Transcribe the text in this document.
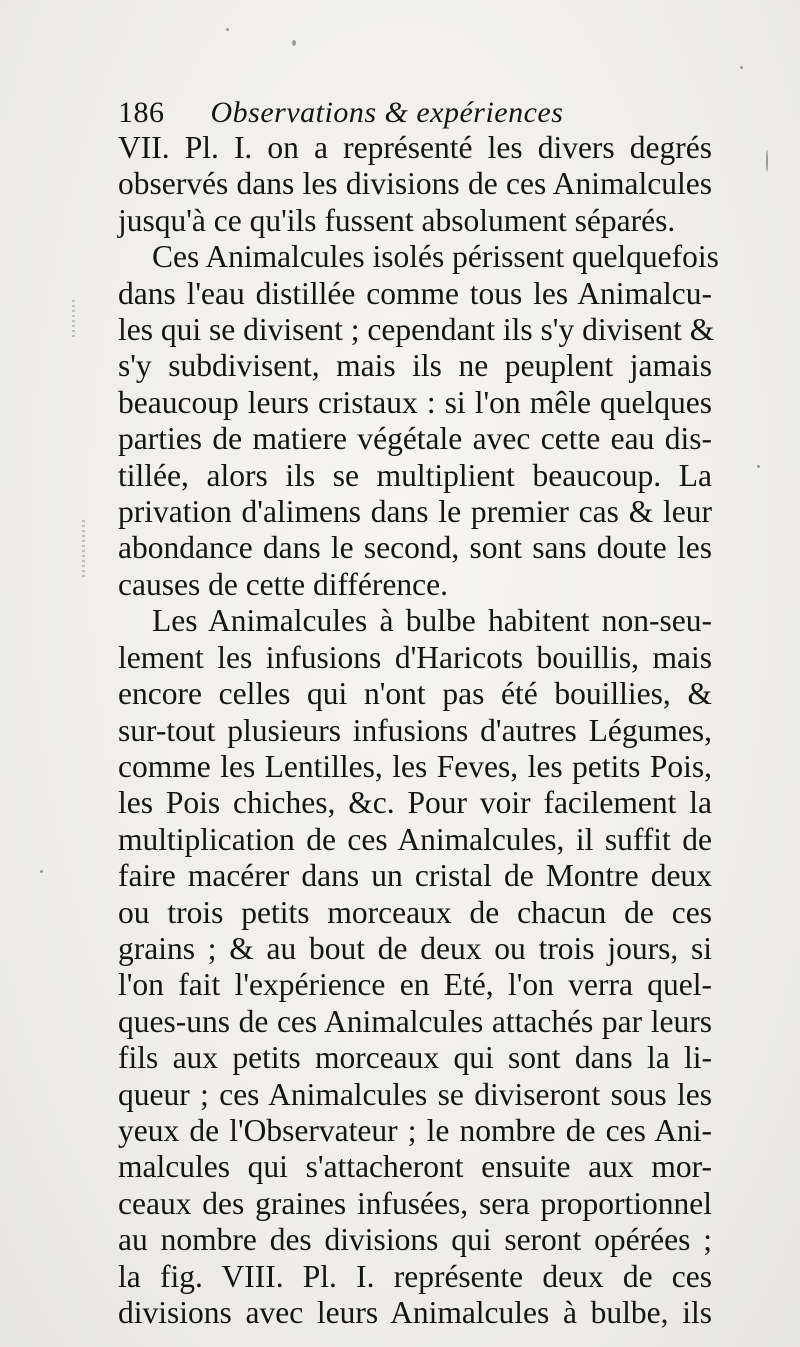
186 Observations & expériences
VII. Pl. I. on a représenté les divers degrés
observés dans les divisions de ces Animalcules
jusqu'à ce qu'ils fussent absolument séparés.
Ces Animalcules isolés périssent quelquefois
dans l'eau distillée comme tous les Animalcu-
les qui se divisent ; cependant ils s'y divisent &
s'y subdivisent, mais ils ne peuplent jamais
beaucoup leurs cristaux : si l'on mêle quelques
parties de matiere végétale avec cette eau dis-
tillée, alors ils se multiplient beaucoup. La
privation d'alimens dans le premier cas & leur
abondance dans le second, sont sans doute les
causes de cette différence.
Les Animalcules à bulbe habitent non-seu-
lement les infusions d'Haricots bouillis, mais
encore celles qui n'ont pas été bouillies, &
sur-tout plusieurs infusions d'autres Légumes,
comme les Lentilles, les Feves, les petits Pois,
les Pois chiches, &c. Pour voir facilement la
multiplication de ces Animalcules, il suffit de
faire macérer dans un cristal de Montre deux
ou trois petits morceaux de chacun de ces
grains ; & au bout de deux ou trois jours, si
l'on fait l'expérience en Eté, l'on verra quel-
ques-uns de ces Animalcules attachés par leurs
fils aux petits morceaux qui sont dans la li-
queur ; ces Animalcules se diviseront sous les
yeux de l'Observateur ; le nombre de ces Ani-
malcules qui s'attacheront ensuite aux mor-
ceaux des graines infusées, sera proportionnel
au nombre des divisions qui seront opérées ;
la fig. VIII. Pl. I. représente deux de ces
divisions avec leurs Animalcules à bulbe, ils
